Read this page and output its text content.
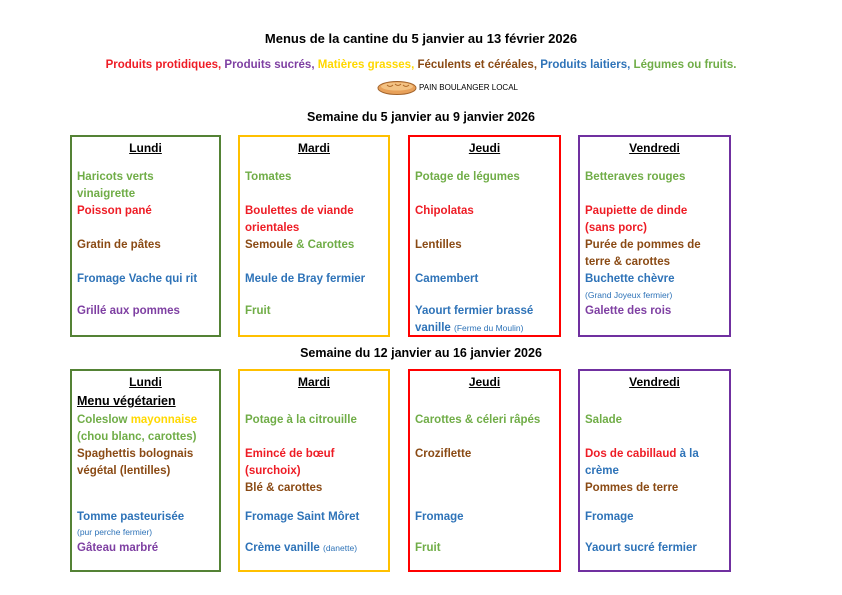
Menus de la cantine du 5 janvier au 13 février 2026
Produits protidiques, Produits sucrés, Matières grasses, Féculents et céréales, Produits laitiers, Légumes ou fruits.
PAIN BOULANGER LOCAL
Semaine du 5 janvier au 9 janvier 2026
Lundi
Haricots verts
vinaigrette
Poisson pané
Gratin de pâtes
Fromage Vache qui rit
Grillé aux pommes
Mardi
Tomates
Boulettes de viande
orientales
Semoule & Carottes
Meule de Bray fermier
Fruit
Jeudi
Potage de légumes
Chipolatas
Lentilles
Camembert
Yaourt fermier brassé
vanille (Ferme du Moulin)
Vendredi
Betteraves rouges
Paupiette de dinde
(sans porc)
Purée de pommes de
terre & carottes
Buchette chèvre
(Grand Joyeux fermier)
Galette des rois
Semaine du 12 janvier au 16 janvier 2026
Lundi
Menu végétarien
Coleslow mayonnaise
(chou blanc, carottes)
Spaghettis bolognais
végétal (lentilles)
Tomme pasteurisée
(pur perche fermier)
Gâteau marbré
Mardi
Potage à la citrouille
Emincé de bœuf
(surchoix)
Blé & carottes
Fromage Saint Môret
Crème vanille (danette)
Jeudi
Carottes & céleri râpés
Croziflette
Fromage
Fruit
Vendredi
Salade
Dos de cabillaud à la
crème
Pommes de terre
Fromage
Yaourt sucré fermier
